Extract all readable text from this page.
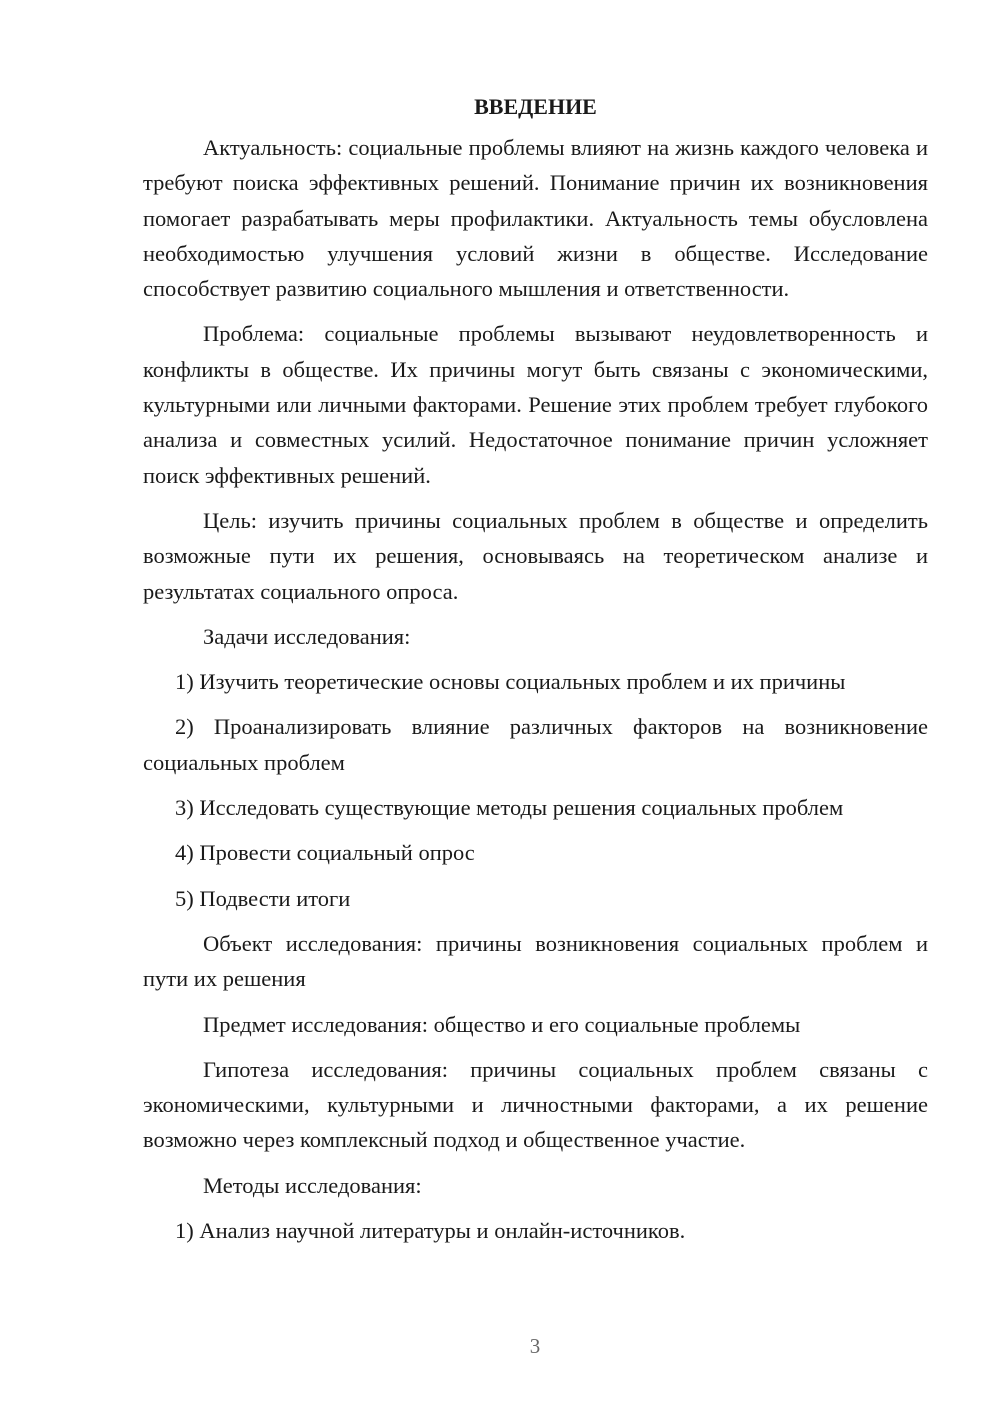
ВВЕДЕНИЕ

Актуальность: социальные проблемы влияют на жизнь каждого человека и требуют поиска эффективных решений. Понимание причин их возникновения помогает разрабатывать меры профилактики. Актуальность темы обусловлена необходимостью улучшения условий жизни в обществе. Исследование способствует развитию социального мышления и ответственности.

Проблема: социальные проблемы вызывают неудовлетворенность и конфликты в обществе. Их причины могут быть связаны с экономическими, культурными или личными факторами. Решение этих проблем требует глубокого анализа и совместных усилий. Недостаточное понимание причин усложняет поиск эффективных решений.

Цель: изучить причины социальных проблем в обществе и определить возможные пути их решения, основываясь на теоретическом анализе и результатах социального опроса.

Задачи исследования:

1) Изучить теоретические основы социальных проблем и их причины

2) Проанализировать влияние различных факторов на возникновение социальных проблем

3) Исследовать существующие методы решения социальных проблем

4) Провести социальный опрос

5) Подвести итоги

Объект исследования: причины возникновения социальных проблем и пути их решения

Предмет исследования: общество и его социальные проблемы

Гипотеза исследования: причины социальных проблем связаны с экономическими, культурными и личностными факторами, а их решение возможно через комплексный подход и общественное участие.

Методы исследования:

1) Анализ научной литературы и онлайн-источников.

3
